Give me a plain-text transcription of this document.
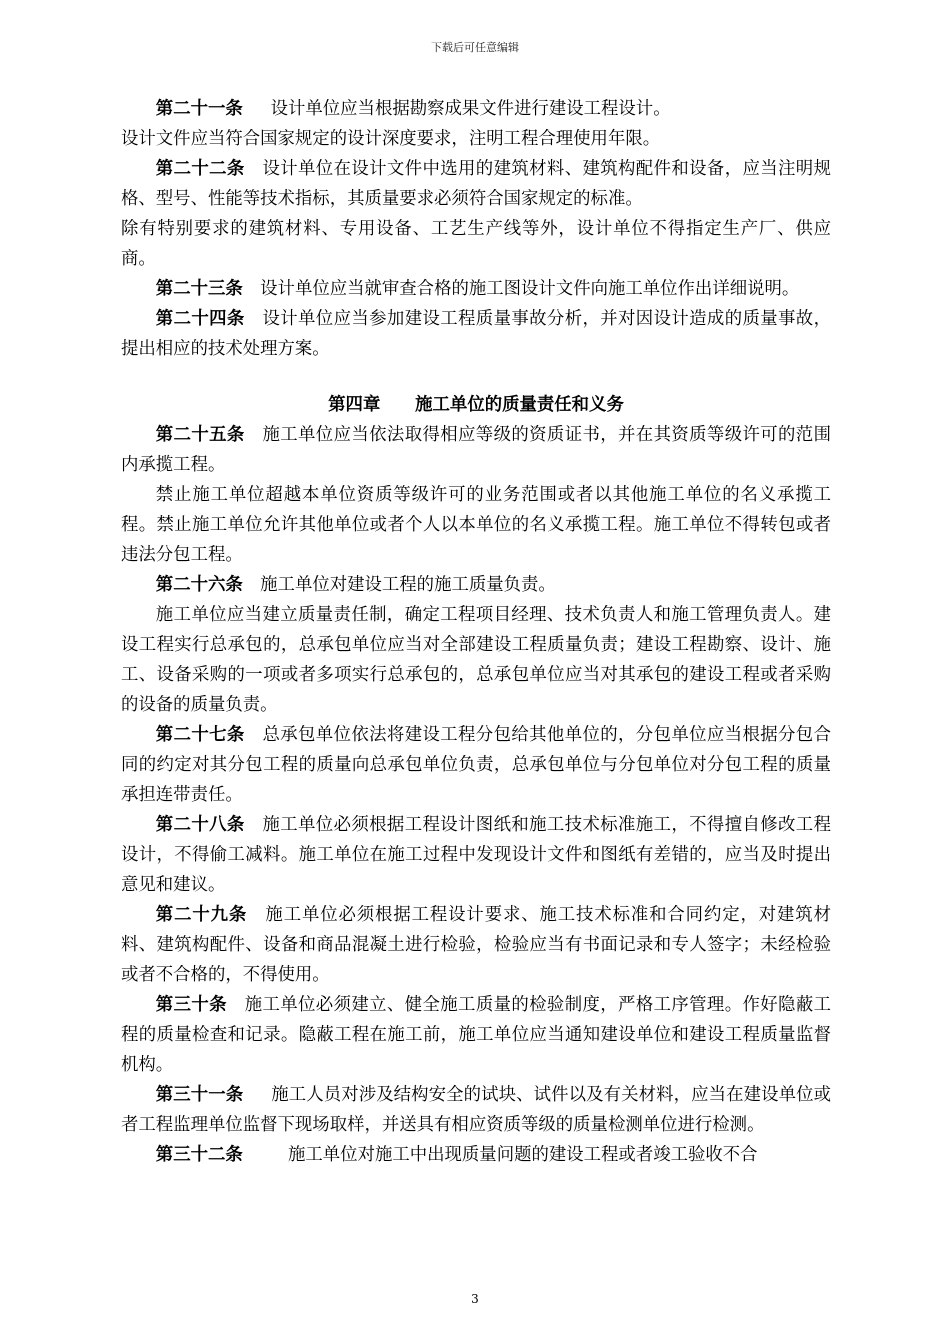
下载后可任意编辑

第二十一条 设计单位应当根据勘察成果文件进行建设工程设计。

设计文件应当符合国家规定的设计深度要求，注明工程合理使用年限。

第二十二条 设计单位在设计文件中选用的建筑材料、建筑构配件和设备，应当注明规格、型号、性能等技术指标，其质量要求必须符合国家规定的标准。

除有特别要求的建筑材料、专用设备、工艺生产线等外，设计单位不得指定生产厂、供应商。

第二十三条 设计单位应当就审查合格的施工图设计文件向施工单位作出详细说明。

第二十四条 设计单位应当参加建设工程质量事故分析，并对因设计造成的质量事故，提出相应的技术处理方案。

第四章 施工单位的质量责任和义务

第二十五条 施工单位应当依法取得相应等级的资质证书，并在其资质等级许可的范围内承揽工程。

禁止施工单位超越本单位资质等级许可的业务范围或者以其他施工单位的名义承揽工程。禁止施工单位允许其他单位或者个人以本单位的名义承揽工程。施工单位不得转包或者违法分包工程。

第二十六条 施工单位对建设工程的施工质量负责。

施工单位应当建立质量责任制，确定工程项目经理、技术负责人和施工管理负责人。建设工程实行总承包的，总承包单位应当对全部建设工程质量负责；建设工程勘察、设计、施工、设备采购的一项或者多项实行总承包的，总承包单位应当对其承包的建设工程或者采购的设备的质量负责。

第二十七条 总承包单位依法将建设工程分包给其他单位的，分包单位应当根据分包合同的约定对其分包工程的质量向总承包单位负责，总承包单位与分包单位对分包工程的质量承担连带责任。

第二十八条 施工单位必须根据工程设计图纸和施工技术标准施工，不得擅自修改工程设计，不得偷工减料。施工单位在施工过程中发现设计文件和图纸有差错的，应当及时提出意见和建议。

第二十九条 施工单位必须根据工程设计要求、施工技术标准和合同约定，对建筑材料、建筑构配件、设备和商品混凝土进行检验，检验应当有书面记录和专人签字；未经检验或者不合格的，不得使用。

第三十条 施工单位必须建立、健全施工质量的检验制度，严格工序管理。作好隐蔽工程的质量检查和记录。隐蔽工程在施工前，施工单位应当通知建设单位和建设工程质量监督机构。

第三十一条 施工人员对涉及结构安全的试块、试件以及有关材料，应当在建设单位或者工程监理单位监督下现场取样，并送具有相应资质等级的质量检测单位进行检测。

第三十二条	施工单位对施工中出现质量问题的建设工程或者竣工验收不合

3
